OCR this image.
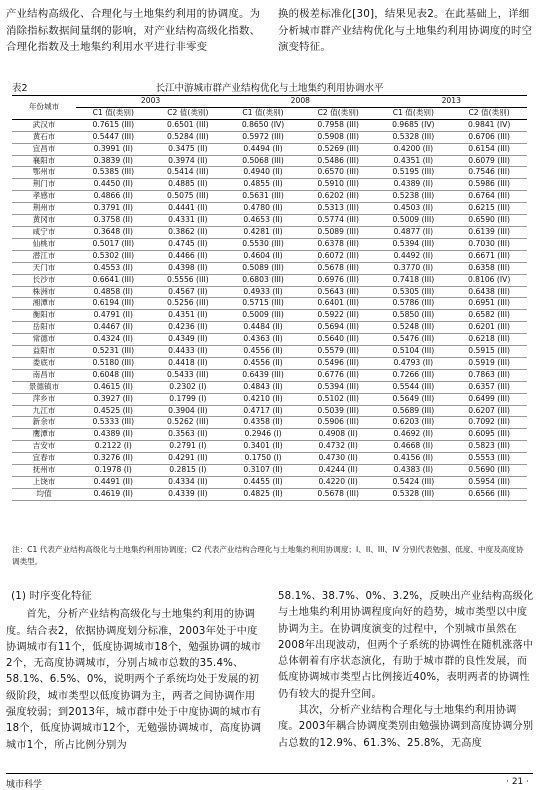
产业结构高级化、合理化与土地集约利用的协调度。为消除指标数据间量纲的影响，对产业结构高级化指数、合理化指数及土地集约利用水平进行非零变

换的极差标准化[30]，结果见表2。在此基础上，详细分析城市群产业结构优化与土地集约利用协调度的时空演变特征。

表2	长江中游城市群产业结构优化与土地集约利用协调水平
年份城市	2003		2008		2013	
	C1 值(类别)	C2 值(类别)	C1 值(类别)	C2 值(类别)	C1 值(类别)	C2 值(类别)
武汉市	0.7615 (III)	0.6501 (III)	0.8650 (IV)	0.7958 (III)	0.9685 (IV)	0.9841 (IV)
黄石市	0.5447 (III)	0.5284 (III)	0.5972 (III)	0.5908 (III)	0.5328 (III)	0.6706 (III)
宜昌市	0.3991 (II)	0.3475 (II)	0.4494 (II)	0.5269 (III)	0.4200 (II)	0.6154 (III)
襄阳市	0.3839 (II)	0.3974 (II)	0.5068 (III)	0.5486 (III)	0.4351 (II)	0.6079 (III)
鄂州市	0.5385 (III)	0.5414 (III)	0.4940 (II)	0.6570 (III)	0.5195 (III)	0.7546 (III)
荆门市	0.4450 (II)	0.4885 (II)	0.4855 (II)	0.5910 (III)	0.4389 (II)	0.5986 (III)
孝感市	0.4866 (II)	0.5075 (III)	0.5631 (III)	0.6202 (III)	0.5238 (III)	0.6764 (III)
荆州市	0.3791 (II)	0.4441 (II)	0.4780 (II)	0.5313 (III)	0.4503 (II)	0.6215 (III)
黄冈市	0.3758 (II)	0.4331 (II)	0.4653 (II)	0.5774 (III)	0.5009 (III)	0.6590 (III)
咸宁市	0.3648 (II)	0.3862 (II)	0.4281 (II)	0.5089 (III)	0.4877 (II)	0.6139 (III)
仙桃市	0.5017 (III)	0.4745 (II)	0.5530 (III)	0.6378 (III)	0.5394 (III)	0.7030 (III)
潜江市	0.5302 (III)	0.4466 (II)	0.4604 (II)	0.6072 (III)	0.4492 (II)	0.6671 (III)
天门市	0.4553 (II)	0.4398 (II)	0.5089 (III)	0.5678 (III)	0.3770 (II)	0.6358 (III)
长沙市	0.6641 (III)	0.5556 (III)	0.6803 (III)	0.6976 (III)	0.7418 (III)	0.8106 (IV)
株洲市	0.4858 (II)	0.4567 (II)	0.4933 (II)	0.5643 (III)	0.5305 (III)	0.6438 (III)
湘潭市	0.6194 (III)	0.5256 (III)	0.5715 (III)	0.6401 (III)	0.5786 (III)	0.6951 (III)
衡阳市	0.4791 (II)	0.4351 (II)	0.5009 (III)	0.5922 (III)	0.5850 (III)	0.6582 (III)
岳阳市	0.4467 (II)	0.4236 (II)	0.4484 (II)	0.5694 (III)	0.5248 (III)	0.6201 (III)
常德市	0.4324 (II)	0.4349 (II)	0.4363 (II)	0.5640 (III)	0.5476 (III)	0.6218 (III)
益阳市	0.5231 (III)	0.4433 (II)	0.4556 (II)	0.5579 (III)	0.5104 (III)	0.5915 (III)
娄底市	0.5180 (III)	0.4418 (II)	0.4556 (II)	0.5496 (III)	0.4793 (II)	0.5919 (III)
南昌市	0.6048 (III)	0.5433 (III)	0.6439 (III)	0.6776 (III)	0.7266 (III)	0.7863 (III)
景德镇市	0.4615 (II)	0.2302 (I)	0.4843 (II)	0.5394 (III)	0.5544 (III)	0.6357 (III)
萍乡市	0.3927 (II)	0.1799 (I)	0.4210 (II)	0.5102 (III)	0.5649 (III)	0.6499 (III)
九江市	0.4525 (II)	0.3904 (II)	0.4717 (II)	0.5039 (III)	0.5689 (III)	0.6207 (III)
新余市	0.5333 (III)	0.5262 (III)	0.4358 (II)	0.5906 (III)	0.6203 (III)	0.7092 (III)
鹰潭市	0.4389 (II)	0.3563 (II)	0.2946 (I)	0.4908 (II)	0.4692 (II)	0.6095 (III)
吉安市	0.2122 (I)	0.2791 (I)	0.3401 (II)	0.4732 (II)	0.4668 (II)	0.5823 (III)
宜春市	0.3276 (II)	0.4291 (II)	0.1750 (I)	0.4730 (II)	0.4156 (II)	0.5553 (III)
抚州市	0.1978 (I)	0.2815 (I)	0.3107 (II)	0.4244 (II)	0.4383 (II)	0.5690 (III)
上饶市	0.4491 (II)	0.4334 (II)	0.4455 (II)	0.4220 (II)	0.5424 (III)	0.5954 (III)
均值	0.4619 (II)	0.4339 (II)	0.4825 (II)	0.5678 (III)	0.5328 (III)	0.6566 (III)
注：C1 代表产业结构高级化与土地集约利用协调度；C2 代表产业结构合理化与土地集约利用协调度；I、II、III、IV 分别代表勉强、低度、中度及高度协调类型。

(1) 时序变化特征

首先，分析产业结构高级化与土地集约利用的协调度。结合表2，依据协调度划分标准，2003年处于中度协调城市有11个，低度协调城市18个，勉强协调的城市2个，无高度协调城市，分别占城市总数的35.4%、58.1%、6.5%、0%，说明两个子系统均处于发展的初级阶段，城市类型以低度协调为主，两者之间协调作用强度较弱；到2013年，城市群中处于中度协调的城市有18个，低度协调城市12个，无勉强协调城市，高度协调城市1个，所占比例分别为

58.1%、38.7%、0%、3.2%，反映出产业结构高级化与土地集约利用协调程度向好的趋势，城市类型以中度协调为主。在协调度演变的过程中，个别城市虽然在2008年出现波动，但两个子系统的协调性在随机涨落中总体朝着有序状态演化，有助于城市群的良性发展，而低度协调城市类型占比例接近40%，表明两者的协调性仍有较大的提升空间。

其次，分析产业结构合理化与土地集约利用协调度。2003年耦合协调度类别由勉强协调到高度协调分别占总数的12.9%、61.3%、25.8%，无高度

城市科学	· 21 ·
